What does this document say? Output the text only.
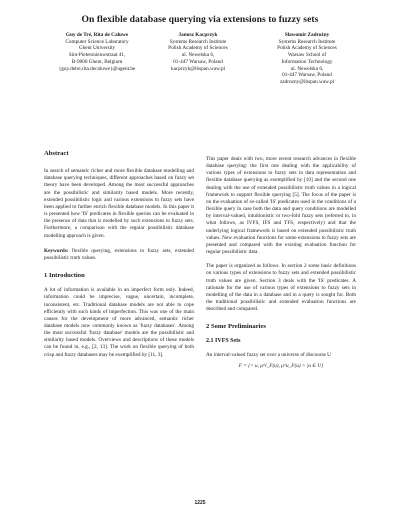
On flexible database querying via extensions to fuzzy sets
Guy de Tré, Rita de Caluwe
Computer Science Laboratory
Ghent University
Sint-Pietersnieuwstraat 41,
B-9000 Ghent, Belgium
{guy.detre,rita.decaluwe}@ugent.be
Janusz Kacprzyk
Systems Research Institute
Polish Academy of Sciences
ul. Newelska 6,
01-447 Warsaw, Poland
kacprzyk@ibspan.waw.pl
Sławomir Zadrożny
Systems Research Institute
Polish Academy of Sciences
Warsaw School of
Information Technology
ul. Newelska 6,
01-447 Warsaw, Poland
zadrozny@ibspan.waw.pl
Abstract

In search of semantic richer and more flexible database modelling and database querying techniques, different approaches based on fuzzy set theory have been developed. Among the most successful approaches are the possibilistic and similarity based models. More recently, extended possibilistic logic and various extensions to fuzzy sets have been applied to further enrich flexible database models. In this paper it is presented how 'IS' predicates in flexible queries can be evaluated in the presence of data that is modelled by such extensions to fuzzy sets. Furthermore, a comparison with the regular possibilistic database modelling approach is given.

Keywords: flexible querying, extensions to fuzzy sets, extended possibilistic truth values.

1 Introduction

A lot of information is available in an imperfect form only. Indeed, information could be imprecise, vague, uncertain, incomplete, inconsistent, etc. Traditional database models are not able to cope efficiently with such kinds of imperfection. This was one of the main causes for the development of more advanced, semantic richer database models now commonly known as 'fuzzy databases'. Among the most successful 'fuzzy database' models are the possibilistic and similarity based models. Overviews and descriptions of these models can be found in, e.g., [2, 13]. The work on flexible querying of both crisp and fuzzy databases may be exemplified by [11, 3].

This paper deals with two, more recent research advances in flexible database querying: the first one dealing with the applicability of various types of extensions to fuzzy sets in data representation and flexible database querying as exemplified by [10] and the second one dealing with the use of extended possibilistic truth values in a logical framework to support flexible querying [5]. The focus of the paper is on the evaluation of so-called 'IS' predicates used in the conditions of a flexible query in case both the data and query conditions are modelled by interval-valued, intuitionistic or two-fold fuzzy sets (referred to, in what follows, as IVFS, IFS and TFS, respectively) and that the underlying logical framework is based on extended possibilistic truth values. New evaluation functions for some extensions to fuzzy sets are presented and compared with the existing evaluation function for regular possibilistic data.

The paper is organized as follows. In section 2 some basic definitions on various types of extensions to fuzzy sets and extended possibilistic truth values are given. Section 3 deals with the 'IS' predicates. A rationale for the use of various types of extensions to fuzzy sets in modelling of the data in a database and in a query is sought for. Both the traditional possibilistic and extended evaluation functions are described and compared.

2 Some Preliminaries
2.1 IVFS Sets

An interval-valued fuzzy set over a universe of discourse U

F = {< u, μ^l_F(u), μ^u_F(u) > |u ∈ U}
1225
